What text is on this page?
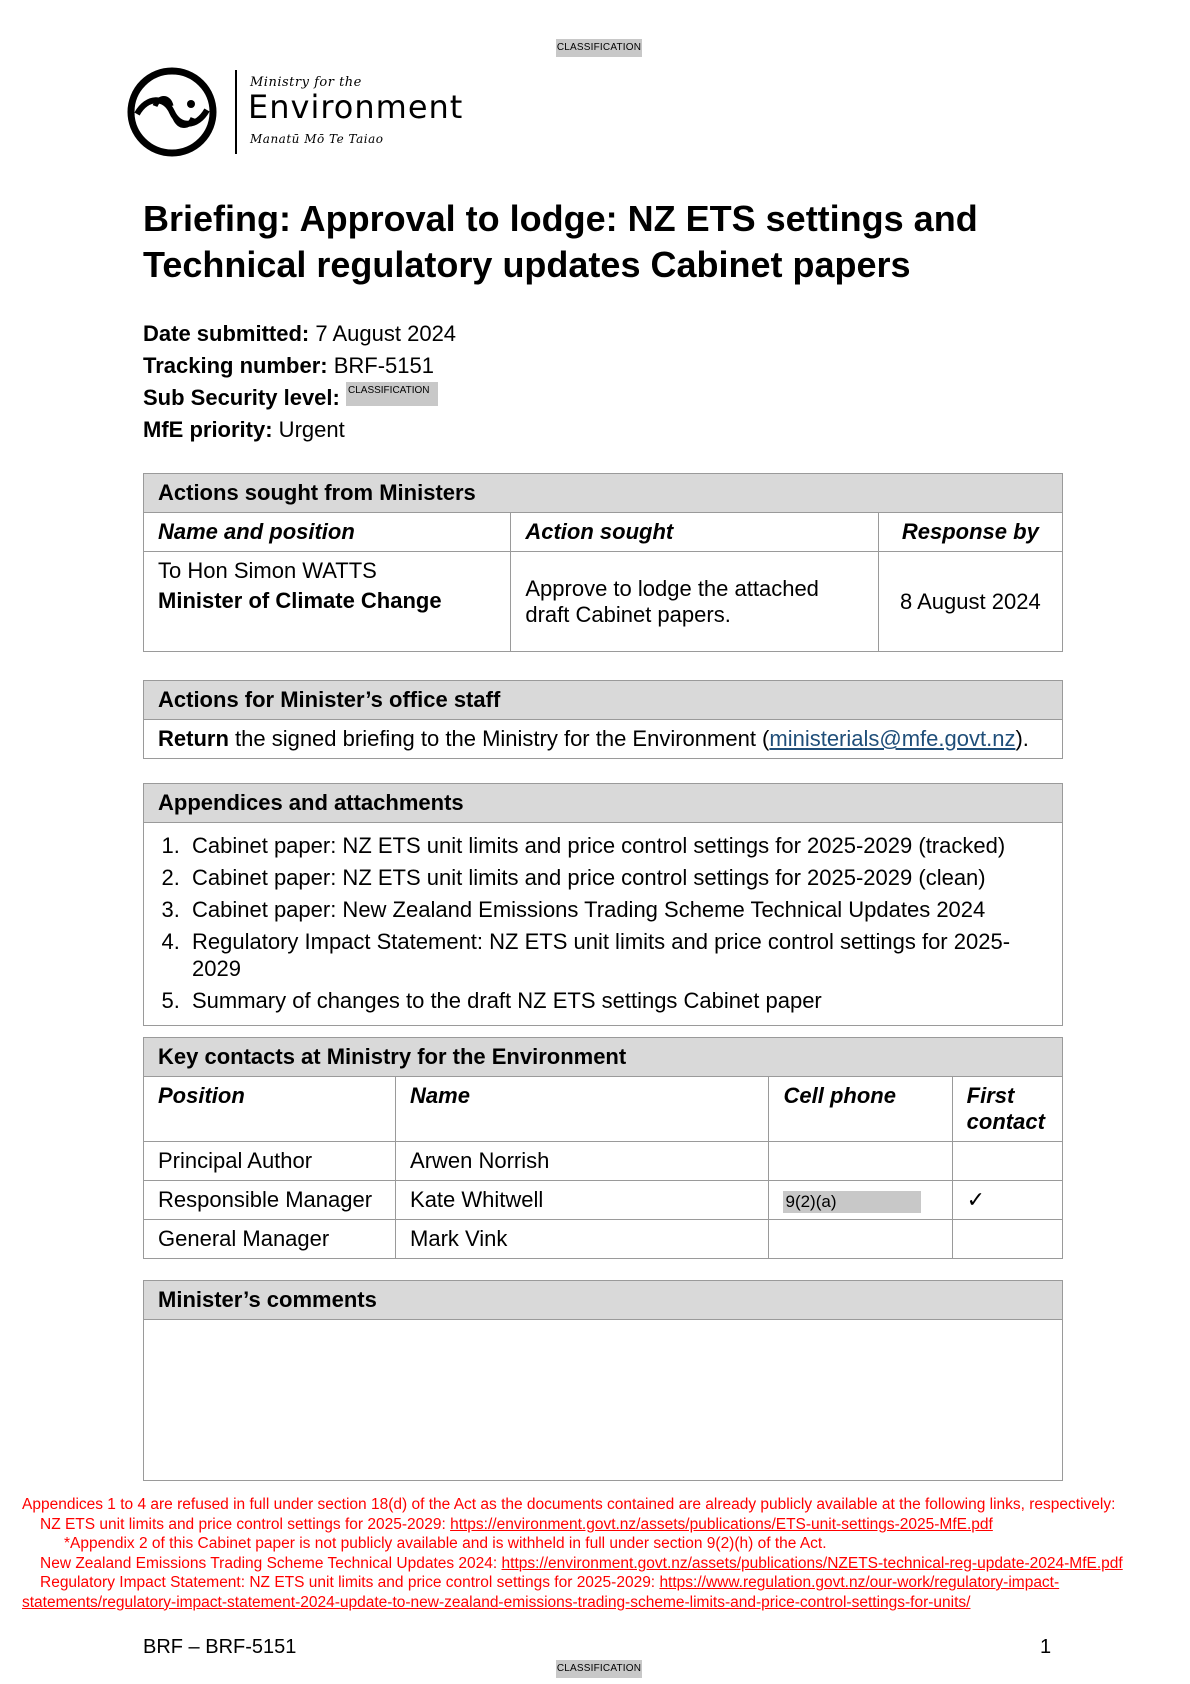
CLASSIFICATION
Ministry for the
Environment
Manatū Mō Te Taiao
Briefing: Approval to lodge: NZ ETS settings and Technical regulatory updates Cabinet papers
Date submitted: 7 August 2024
Tracking number: BRF-5151
Sub Security level: CLASSIFICATION
MfE priority: Urgent
Actions sought from Ministers		
Name and position	Action sought	Response by

To Hon Simon WATTS
Minister of Climate Change	Approve to lodge the attached draft Cabinet papers.	8 August 2024
Actions for Minister’s office staff
Return the signed briefing to the Ministry for the Environment (ministerials@mfe.govt.nz).
Appendices and attachments

1. Cabinet paper: NZ ETS unit limits and price control settings for 2025-2029 (tracked)
2. Cabinet paper: NZ ETS unit limits and price control settings for 2025-2029 (clean)
3. Cabinet paper: New Zealand Emissions Trading Scheme Technical Updates 2024
4. Regulatory Impact Statement: NZ ETS unit limits and price control settings for 2025-2029
5. Summary of changes to the draft NZ ETS settings Cabinet paper
Key contacts at Ministry for the Environment			
Position	Name	Cell phone	First contact
Principal Author	Arwen Norrish		
Responsible Manager	Kate Whitwell	9(2)(a)	✓
General Manager	Mark Vink		
Minister’s comments

Appendices 1 to 4 are refused in full under section 18(d) of the Act as the documents contained are already publicly available at the following links, respectively:
NZ ETS unit limits and price control settings for 2025-2029: https://environment.govt.nz/assets/publications/ETS-unit-settings-2025-MfE.pdf
*Appendix 2 of this Cabinet paper is not publicly available and is withheld in full under section 9(2)(h) of the Act.
New Zealand Emissions Trading Scheme Technical Updates 2024: https://environment.govt.nz/assets/publications/NZETS-technical-reg-update-2024-MfE.pdf
Regulatory Impact Statement: NZ ETS unit limits and price control settings for 2025-2029: https://www.regulation.govt.nz/our-work/regulatory-impact-
statements/regulatory-impact-statement-2024-update-to-new-zealand-emissions-trading-scheme-limits-and-price-control-settings-for-units/
BRF – BRF-5151	1
CLASSIFICATION
